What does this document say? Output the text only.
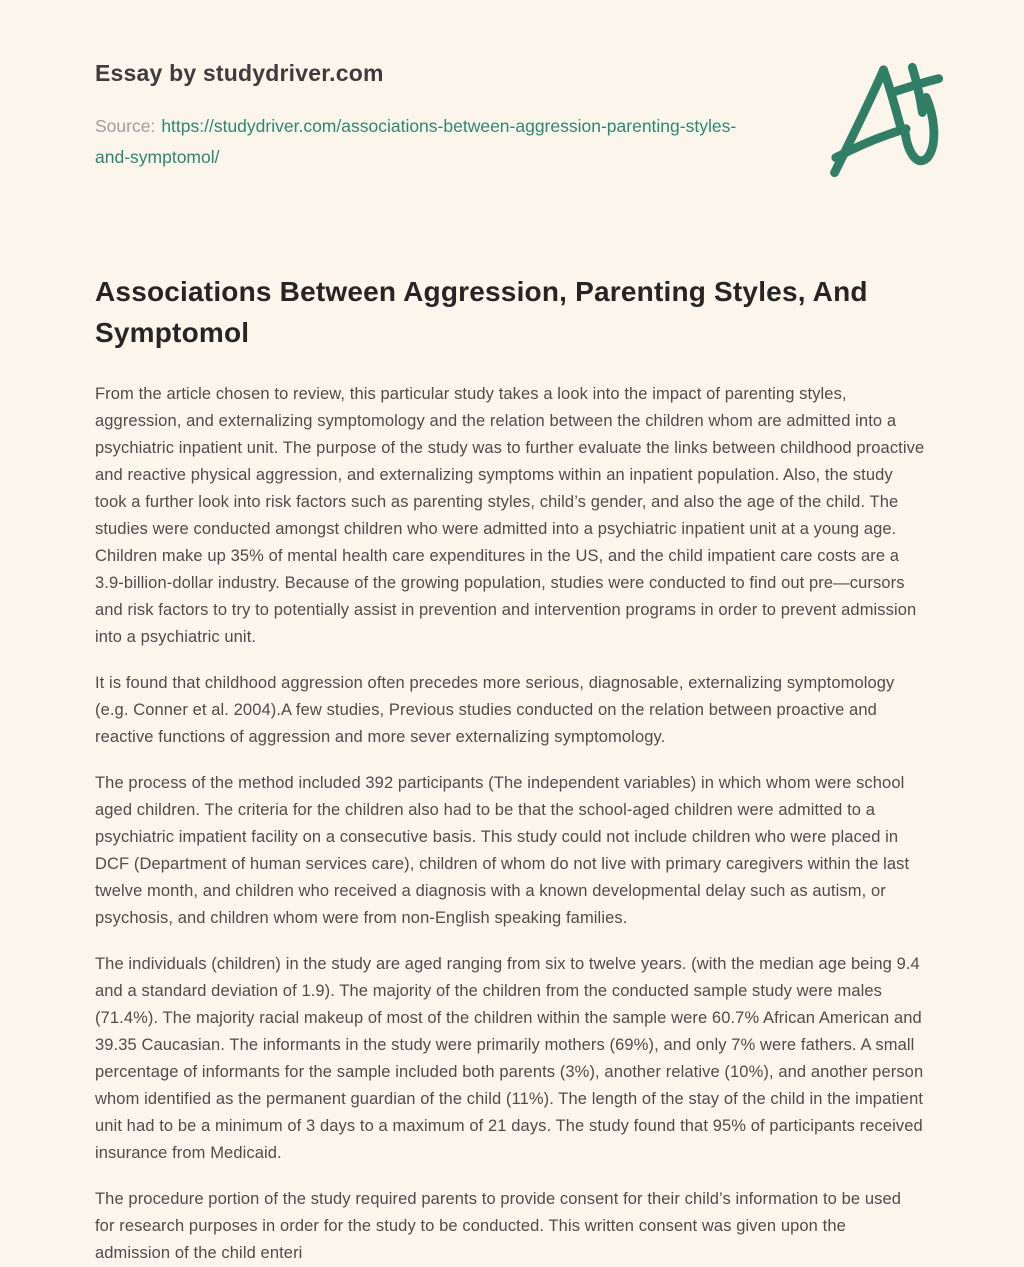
Essay by studydriver.com

Source: https://studydriver.com/associations-between-aggression-parenting-styles-and-symptomol/

Associations Between Aggression, Parenting Styles, And Symptomol

From the article chosen to review, this particular study takes a look into the impact of parenting styles, aggression, and externalizing symptomology and the relation between the children whom are admitted into a psychiatric inpatient unit. The purpose of the study was to further evaluate the links between childhood proactive and reactive physical aggression, and externalizing symptoms within an inpatient population. Also, the study took a further look into risk factors such as parenting styles, child’s gender, and also the age of the child. The studies were conducted amongst children who were admitted into a psychiatric inpatient unit at a young age. Children make up 35% of mental health care expenditures in the US, and the child impatient care costs are a 3.9-billion-dollar industry. Because of the growing population, studies were conducted to find out pre—cursors and risk factors to try to potentially assist in prevention and intervention programs in order to prevent admission into a psychiatric unit.

It is found that childhood aggression often precedes more serious, diagnosable, externalizing symptomology (e.g. Conner et al. 2004).A few studies, Previous studies conducted on the relation between proactive and reactive functions of aggression and more sever externalizing symptomology.

The process of the method included 392 participants (The independent variables) in which whom were school aged children. The criteria for the children also had to be that the school-aged children were admitted to a psychiatric impatient facility on a consecutive basis. This study could not include children who were placed in DCF (Department of human services care), children of whom do not live with primary caregivers within the last twelve month, and children who received a diagnosis with a known developmental delay such as autism, or psychosis, and children whom were from non-English speaking families.

The individuals (children) in the study are aged ranging from six to twelve years. (with the median age being 9.4 and a standard deviation of 1.9). The majority of the children from the conducted sample study were males (71.4%). The majority racial makeup of most of the children within the sample were 60.7% African American and 39.35 Caucasian. The informants in the study were primarily mothers (69%), and only 7% were fathers. A small percentage of informants for the sample included both parents (3%), another relative (10%), and another person whom identified as the permanent guardian of the child (11%). The length of the stay of the child in the impatient unit had to be a minimum of 3 days to a maximum of 21 days. The study found that 95% of participants received insurance from Medicaid.

The procedure portion of the study required parents to provide consent for their child’s information to be used for research purposes in order for the study to be conducted. This written consent was given upon the admission of the child enteri
